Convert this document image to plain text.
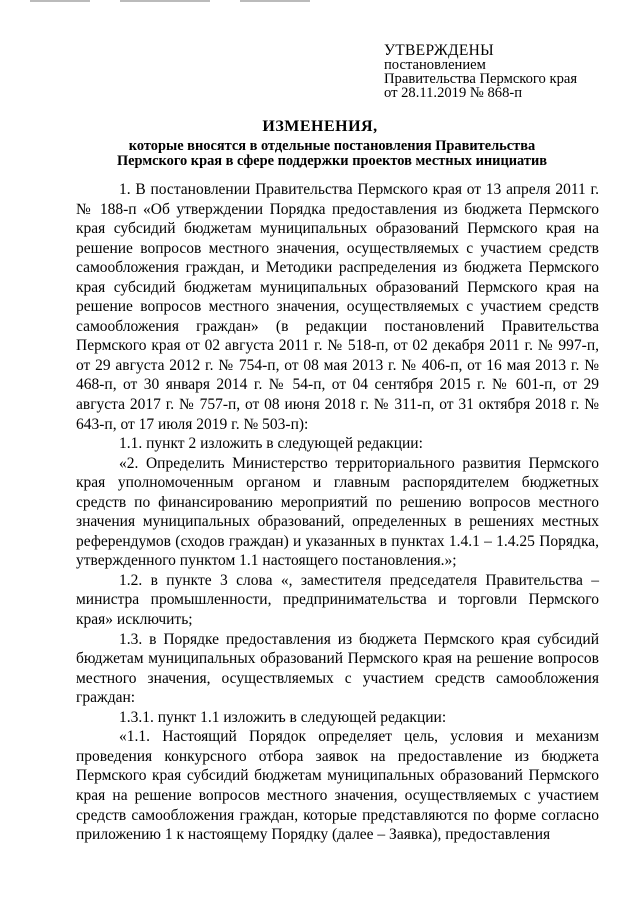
УТВЕРЖДЕНЫ
постановлением
Правительства Пермского края
от 28.11.2019 № 868-п
ИЗМЕНЕНИЯ,
которые вносятся в отдельные постановления Правительства
Пермского края в сфере поддержки проектов местных инициатив

1. В постановлении Правительства Пермского края от 13 апреля 2011 г. № 188-п «Об утверждении Порядка предоставления из бюджета Пермского края субсидий бюджетам муниципальных образований Пермского края на решение вопросов местного значения, осуществляемых с участием средств самообложения граждан, и Методики распределения из бюджета Пермского края субсидий бюджетам муниципальных образований Пермского края на решение вопросов местного значения, осуществляемых с участием средств самообложения граждан» (в редакции постановлений Правительства Пермского края от 02 августа 2011 г. № 518-п, от 02 декабря 2011 г. № 997-п, от 29 августа 2012 г. № 754-п, от 08 мая 2013 г. № 406-п, от 16 мая 2013 г. № 468-п, от 30 января 2014 г. № 54-п, от 04 сентября 2015 г. № 601-п, от 29 августа 2017 г. № 757-п, от 08 июня 2018 г. № 311-п, от 31 октября 2018 г. № 643-п, от 17 июля 2019 г. № 503-п):

1.1. пункт 2 изложить в следующей редакции:

«2. Определить Министерство территориального развития Пермского края уполномоченным органом и главным распорядителем бюджетных средств по финансированию мероприятий по решению вопросов местного значения муниципальных образований, определенных в решениях местных референдумов (сходов граждан) и указанных в пунктах 1.4.1 – 1.4.25 Порядка, утвержденного пунктом 1.1 настоящего постановления.»;

1.2. в пункте 3 слова «, заместителя председателя Правительства – министра промышленности, предпринимательства и торговли Пермского края» исключить;

1.3. в Порядке предоставления из бюджета Пермского края субсидий бюджетам муниципальных образований Пермского края на решение вопросов местного значения, осуществляемых с участием средств самообложения граждан:

1.3.1. пункт 1.1 изложить в следующей редакции:

«1.1. Настоящий Порядок определяет цель, условия и механизм проведения конкурсного отбора заявок на предоставление из бюджета Пермского края субсидий бюджетам муниципальных образований Пермского края на решение вопросов местного значения, осуществляемых с участием средств самообложения граждан, которые представляются по форме согласно приложению 1 к настоящему Порядку (далее – Заявка), предоставления
